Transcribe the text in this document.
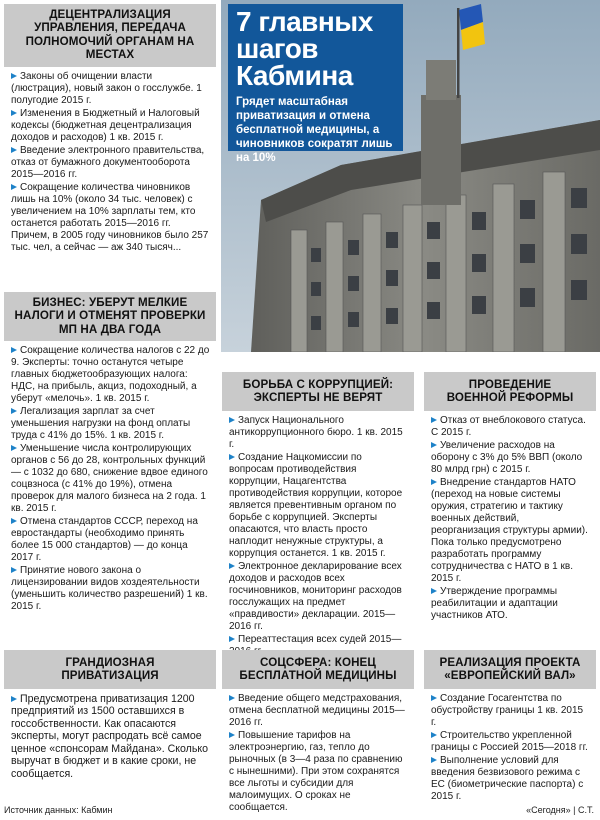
7 главных шагов Кабмина
Грядет масштабная приватизация и отмена бесплатной медицины, а чиновников сократят лишь на 10%
ДЕЦЕНТРАЛИЗАЦИЯ УПРАВЛЕНИЯ, ПЕРЕДАЧА ПОЛНОМОЧИЙ ОРГАНАМ НА МЕСТАХ
Законы об очищении власти (люстрация), новый закон о госслужбе. 1 полугодие 2015 г.
Изменения в Бюджетный и Налоговый кодексы (бюджетная децентрализация доходов и расходов) 1 кв. 2015 г.
Введение электронного правительства, отказ от бумажного документооборота 2015—2016 гг.
Сокращение количества чиновников лишь на 10% (около 34 тыс. человек) с увеличением на 10% зарплаты тем, кто останется работать 2015—2016 гг. Причем, в 2005 году чиновников было 257 тыс. чел, а сейчас — аж 340 тысяч...
БИЗНЕС: УБЕРУТ МЕЛКИЕ НАЛОГИ И ОТМЕНЯТ ПРОВЕРКИ МП НА ДВА ГОДА
Сокращение количества налогов с 22 до 9. Эксперты: точно останутся четыре главных бюджетообразующих налога: НДС, на прибыль, акциз, подоходный, а уберут «мелочь». 1 кв. 2015 г.
Легализация зарплат за счет уменьшения нагрузки на фонд оплаты труда с 41% до 15%. 1 кв. 2015 г.
Уменьшение числа контролирующих органов с 56 до 28, контрольных функций — с 1032 до 680, снижение вдвое единого соцвзноса (с 41% до 19%), отмена проверок для малого бизнеса на 2 года. 1 кв. 2015 г.
Отмена стандартов СССР, переход на евростандарты (необходимо принять более 15 000 стандартов) — до конца 2017 г.
Принятие нового закона о лицензировании видов хоздеятельности (уменьшить количество разрешений) 1 кв. 2015 г.
ГРАНДИОЗНАЯ ПРИВАТИЗАЦИЯ
Предусмотрена приватизация 1200 предприятий из 1500 оставшихся в госсобственности. Как опасаются эксперты, могут распродать всё самое ценное «спонсорам Майдана». Сколько выручат в бюджет и в какие сроки, не сообщается.
БОРЬБА С КОРРУПЦИЕЙ: ЭКСПЕРТЫ НЕ ВЕРЯТ
Запуск Национального антикоррупционного бюро. 1 кв. 2015 г.
Создание Нацкомиссии по вопросам противодействия коррупции, Нацагентства противодействия коррупции, которое является превентивным органом по борьбе с коррупцией. Эксперты опасаются, что власть просто наплодит ненужные структуры, а коррупция останется. 1 кв. 2015 г.
Электронное декларирование всех доходов и расходов всех госчиновников, мониторинг расходов госслужащих на предмет «правдивости» декларации. 2015—2016 гг.
Переаттестация всех судей 2015—
ПРОВЕДЕНИЕ ВОЕННОЙ РЕФОРМЫ
Отказ от внеблокового статуса. С 2015 г.
Увеличение расходов на оборону с 3% до 5% ВВП (около 80 млрд грн) с 2015 г.
Внедрение стандартов НАТО (переход на новые системы оружия, стратегию и тактику военных действий, реорганизация структуры армии). Пока только предусмотрено разработать программу сотрудничества с НАТО в 1 кв. 2015 г.
Утверждение программы реабилитации и адаптации участников АТО.
СОЦСФЕРА: КОНЕЦ БЕСПЛАТНОЙ МЕДИЦИНЫ
Введение общего медстрахования, отмена бесплатной медицины 2015—2016 гг.
Повышение тарифов на электроэнергию, газ, тепло до рыночных (в 3—4 раза по сравнению с нынешними). При этом сохранятся все льготы и субсидии для малоимущих. О сроках не сообщается.
РЕАЛИЗАЦИЯ ПРОЕКТА «ЕВРОПЕЙСКИЙ ВАЛ»
Создание Госагентства по обустройству границы 1 кв. 2015 г.
Строительство укрепленной границы с Россией 2015—2018 гг.
Выполнение условий для введения безвизового режима с ЕС (биометрические паспорта) с 2015 г.
Источник данных: Кабмин	«Сегодня» | С.Т.
